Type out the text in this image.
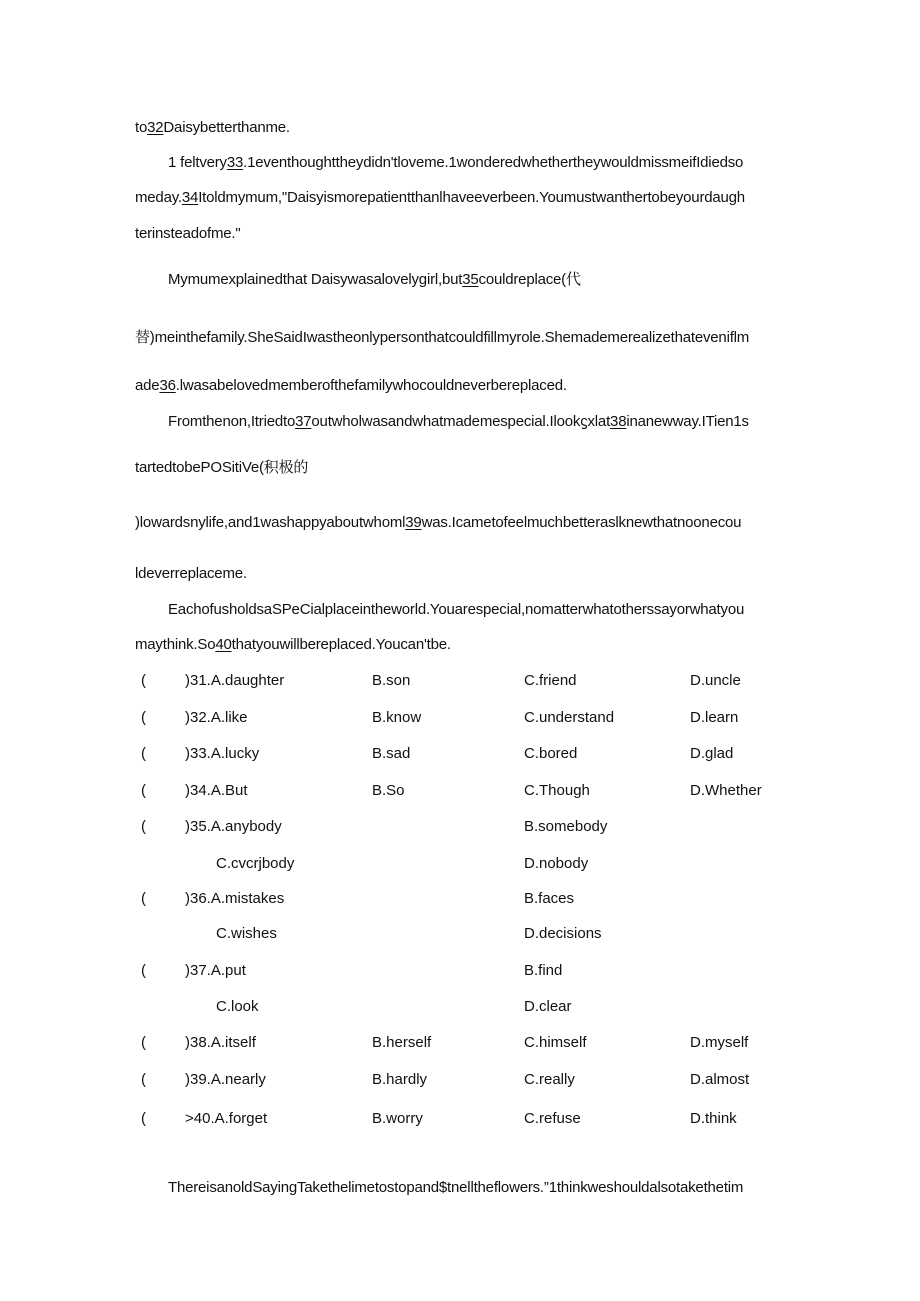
to32Daisybetterthanme.
1 feltvery33.1eventhoughttheydidn'tloveme.1wonderedwhethertheywouldmissmeifIdiedso
meday.34Itoldmymum,"Daisyismorepatientthanlhaveeverbeen.Youmustwanthertobeyourdaugh
terinsteadofme."
Mymumexplainedthat Daisywasalovelygirl,but35couldreplace(代
替)meinthefamily.SheSaidIwastheonlypersonthatcouldfillmyrole.Shemademerealizethateveniflm
ade36.lwasabelovedmemberofthefamilywhocouldneverbereplaced.
Fromthenon,Itriedto37outwholwasandwhatmademespecial.Ilookϛxlat38inanewway.ITien1s
tartedtobePOSitiVe(积极的
)lowardsnylife,and1washappyaboutwhoml39was.Icametofeelmuchbetteraslknewthatnoonecou
ldeverreplaceme.
EachofusholdsaSPeCialplaceintheworld.Youarespecial,nomatterwhatotherssayorwhatyou
maythink.So40thatyouwillbereplaced.Youcan'tbe.
(	)31.A.daughter	B.son	C.friend	D.uncle
(	)32.A.like	B.know	C.understand	D.learn
(	)33.A.lucky	B.sad	C.bored	D.glad
(	)34.A.But	B.So	C.Though	D.Whether
(	)35.A.anybody	B.somebody
C.cvcrjbody	D.nobody
(	)36.A.mistakes	B.faces
C.wishes	D.decisions
(	)37.A.put	B.find
C.look	D.clear
(	)38.A.itself	B.herself	C.himself	D.myself
(	)39.A.nearly	B.hardly	C.really	D.almost
(	>40.A.forget	B.worry	C.refuse	D.think
ThereisanoldSayingTakethelimetostopand$tnelltheflowers.”1thinkweshouldalsotakethetim
